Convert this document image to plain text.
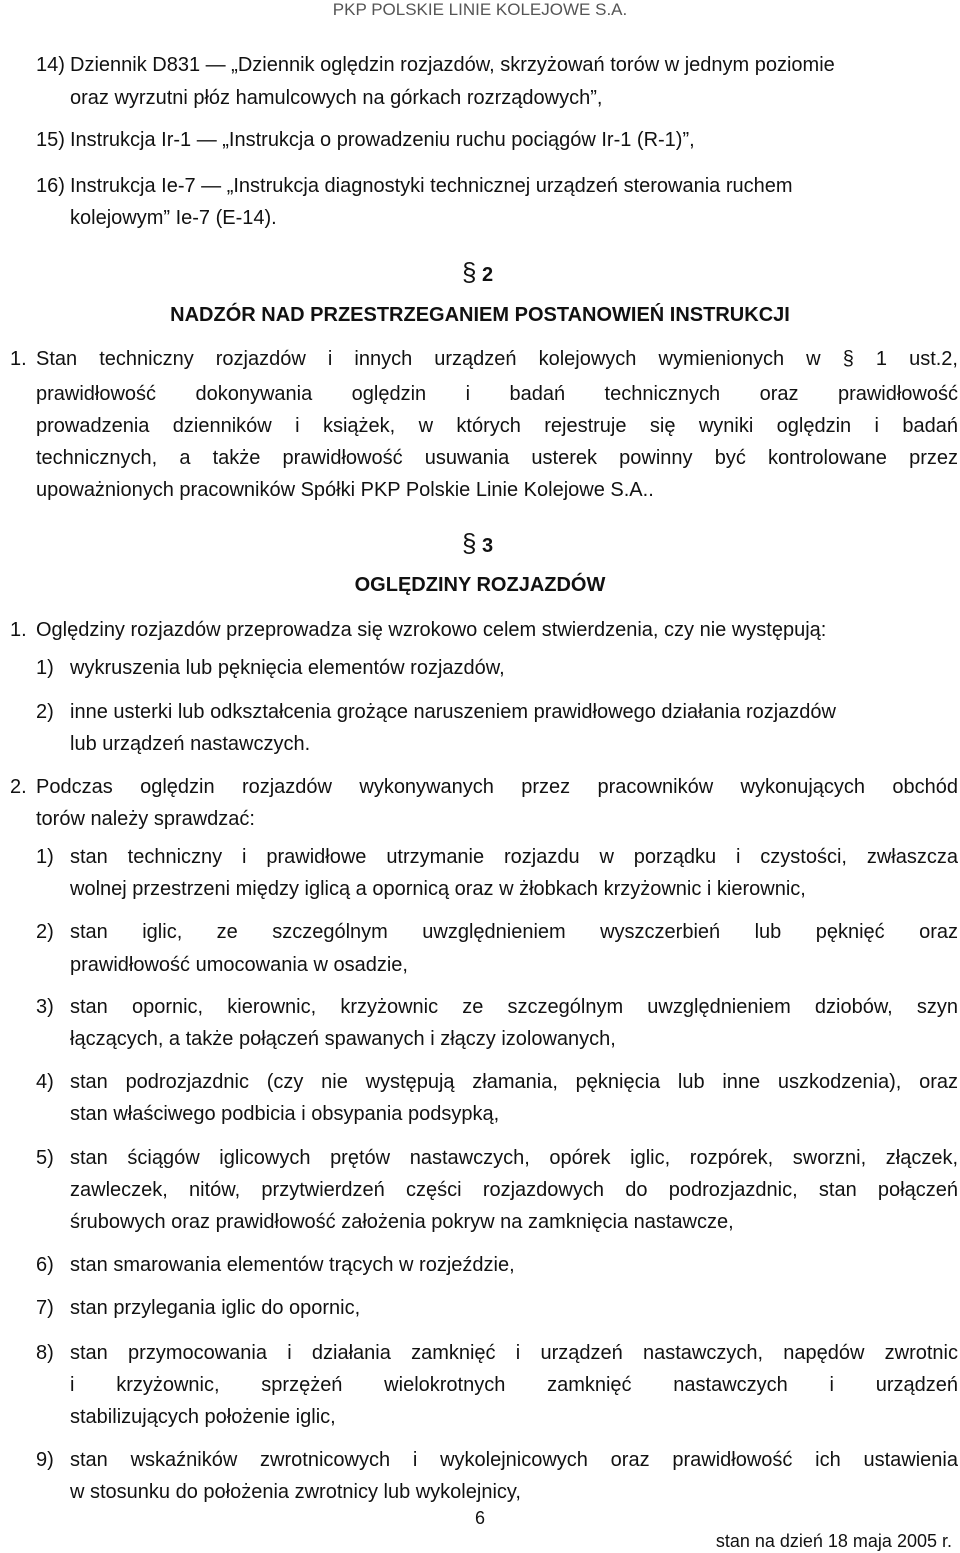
PKP POLSKIE LINIE KOLEJOWE S.A.
14) Dziennik D831 — „Dziennik oględzin rozjazdów, skrzyżowań torów w jednym poziomie
oraz wyrzutni płóz hamulcowych na górkach rozrządowych”,
15) Instrukcja Ir-1 — „Instrukcja o prowadzeniu ruchu pociągów Ir-1 (R-1)”,
16) Instrukcja Ie-7 — „Instrukcja diagnostyki technicznej urządzeń sterowania ruchem
kolejowym” Ie-7 (E-14).
§ 2
NADZÓR NAD PRZESTRZEGANIEM POSTANOWIEŃ INSTRUKCJI
1. Stan techniczny rozjazdów i innych urządzeń kolejowych wymienionych w § 1 ust.2,
prawidłowość dokonywania oględzin i badań technicznych oraz prawidłowość
prowadzenia dzienników i książek, w których rejestruje się wyniki oględzin i badań
technicznych, a także prawidłowość usuwania usterek powinny być kontrolowane przez
upoważnionych pracowników Spółki PKP Polskie Linie Kolejowe S.A..
§ 3
OGLĘDZINY ROZJAZDÓW
1. Oględziny rozjazdów przeprowadza się wzrokowo celem stwierdzenia, czy nie występują:
1) wykruszenia lub pęknięcia elementów rozjazdów,
2) inne usterki lub odkształcenia grożące naruszeniem prawidłowego działania rozjazdów
lub urządzeń nastawczych.
2. Podczas oględzin rozjazdów wykonywanych przez pracowników wykonujących obchód
torów należy sprawdzać:
1) stan techniczny i prawidłowe utrzymanie rozjazdu w porządku i czystości, zwłaszcza
wolnej przestrzeni między iglicą a opornicą oraz w żłobkach krzyżownic i kierownic,
2) stan iglic, ze szczególnym uwzględnieniem wyszczerbień lub pęknięć oraz
prawidłowość umocowania w osadzie,
3) stan opornic, kierownic, krzyżownic ze szczególnym uwzględnieniem dziobów, szyn
łączących, a także połączeń spawanych i złączy izolowanych,
4) stan podrozjazdnic (czy nie występują złamania, pęknięcia lub inne uszkodzenia), oraz
stan właściwego podbicia i obsypania podsypką,
5) stan ściągów iglicowych prętów nastawczych, opórek iglic, rozpórek, sworzni, złączek,
zawleczek, nitów, przytwierdzeń części rozjazdowych do podrozjazdnic, stan połączeń
śrubowych oraz prawidłowość założenia pokryw na zamknięcia nastawcze,
6) stan smarowania elementów trących w rozjeździe,
7) stan przylegania iglic do opornic,
8) stan przymocowania i działania zamknięć i urządzeń nastawczych, napędów zwrotnic
i krzyżownic, sprzężeń wielokrotnych zamknięć nastawczych i urządzeń
stabilizujących położenie iglic,
9) stan wskaźników zwrotnicowych i wykolejnicowych oraz prawidłowość ich ustawienia
w stosunku do położenia zwrotnicy lub wykolejnicy,
6
stan na dzień 18 maja 2005 r.
